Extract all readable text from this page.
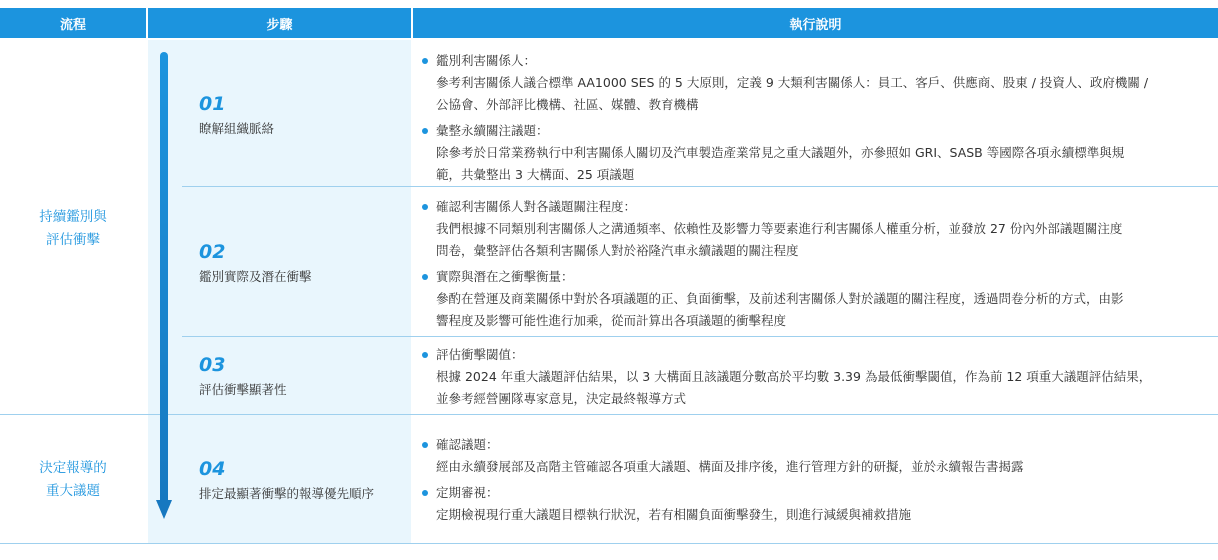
流程	步驟	執行說明
持續鑑別與
評估衝擊
決定報導的
重大議題
01
瞭解組織脈絡
鑑別利害關係人：
參考利害關係人議合標準 AA1000 SES 的 5 大原則，定義 9 大類利害關係人：員工、客戶、供應商、股東 / 投資人、政府機關 /
公協會、外部評比機構、社區、媒體、教育機構
彙整永續關注議題：
除參考於日常業務執行中利害關係人關切及汽車製造產業常見之重大議題外，亦參照如 GRI、SASB 等國際各項永續標準與規
範，共彙整出 3 大構面、25 項議題
02
鑑別實際及潛在衝擊
確認利害關係人對各議題關注程度：
我們根據不同類別利害關係人之溝通頻率、依賴性及影響力等要素進行利害關係人權重分析，並發放 27 份內外部議題關注度
問卷，彙整評估各類利害關係人對於裕隆汽車永續議題的關注程度
實際與潛在之衝擊衡量：
參酌在營運及商業關係中對於各項議題的正、負面衝擊，及前述利害關係人對於議題的關注程度，透過問卷分析的方式，由影
響程度及影響可能性進行加乘，從而計算出各項議題的衝擊程度
03
評估衝擊顯著性
評估衝擊閾值：
根據 2024 年重大議題評估結果，以 3 大構面且該議題分數高於平均數 3.39 為最低衝擊閾值，作為前 12 項重大議題評估結果，
並參考經營團隊專家意見，決定最終報導方式
04
排定最顯著衝擊的報導優先順序
確認議題：
經由永續發展部及高階主管確認各項重大議題、構面及排序後，進行管理方針的研擬，並於永續報告書揭露
定期審視：
定期檢視現行重大議題目標執行狀況，若有相關負面衝擊發生，則進行減緩與補救措施
